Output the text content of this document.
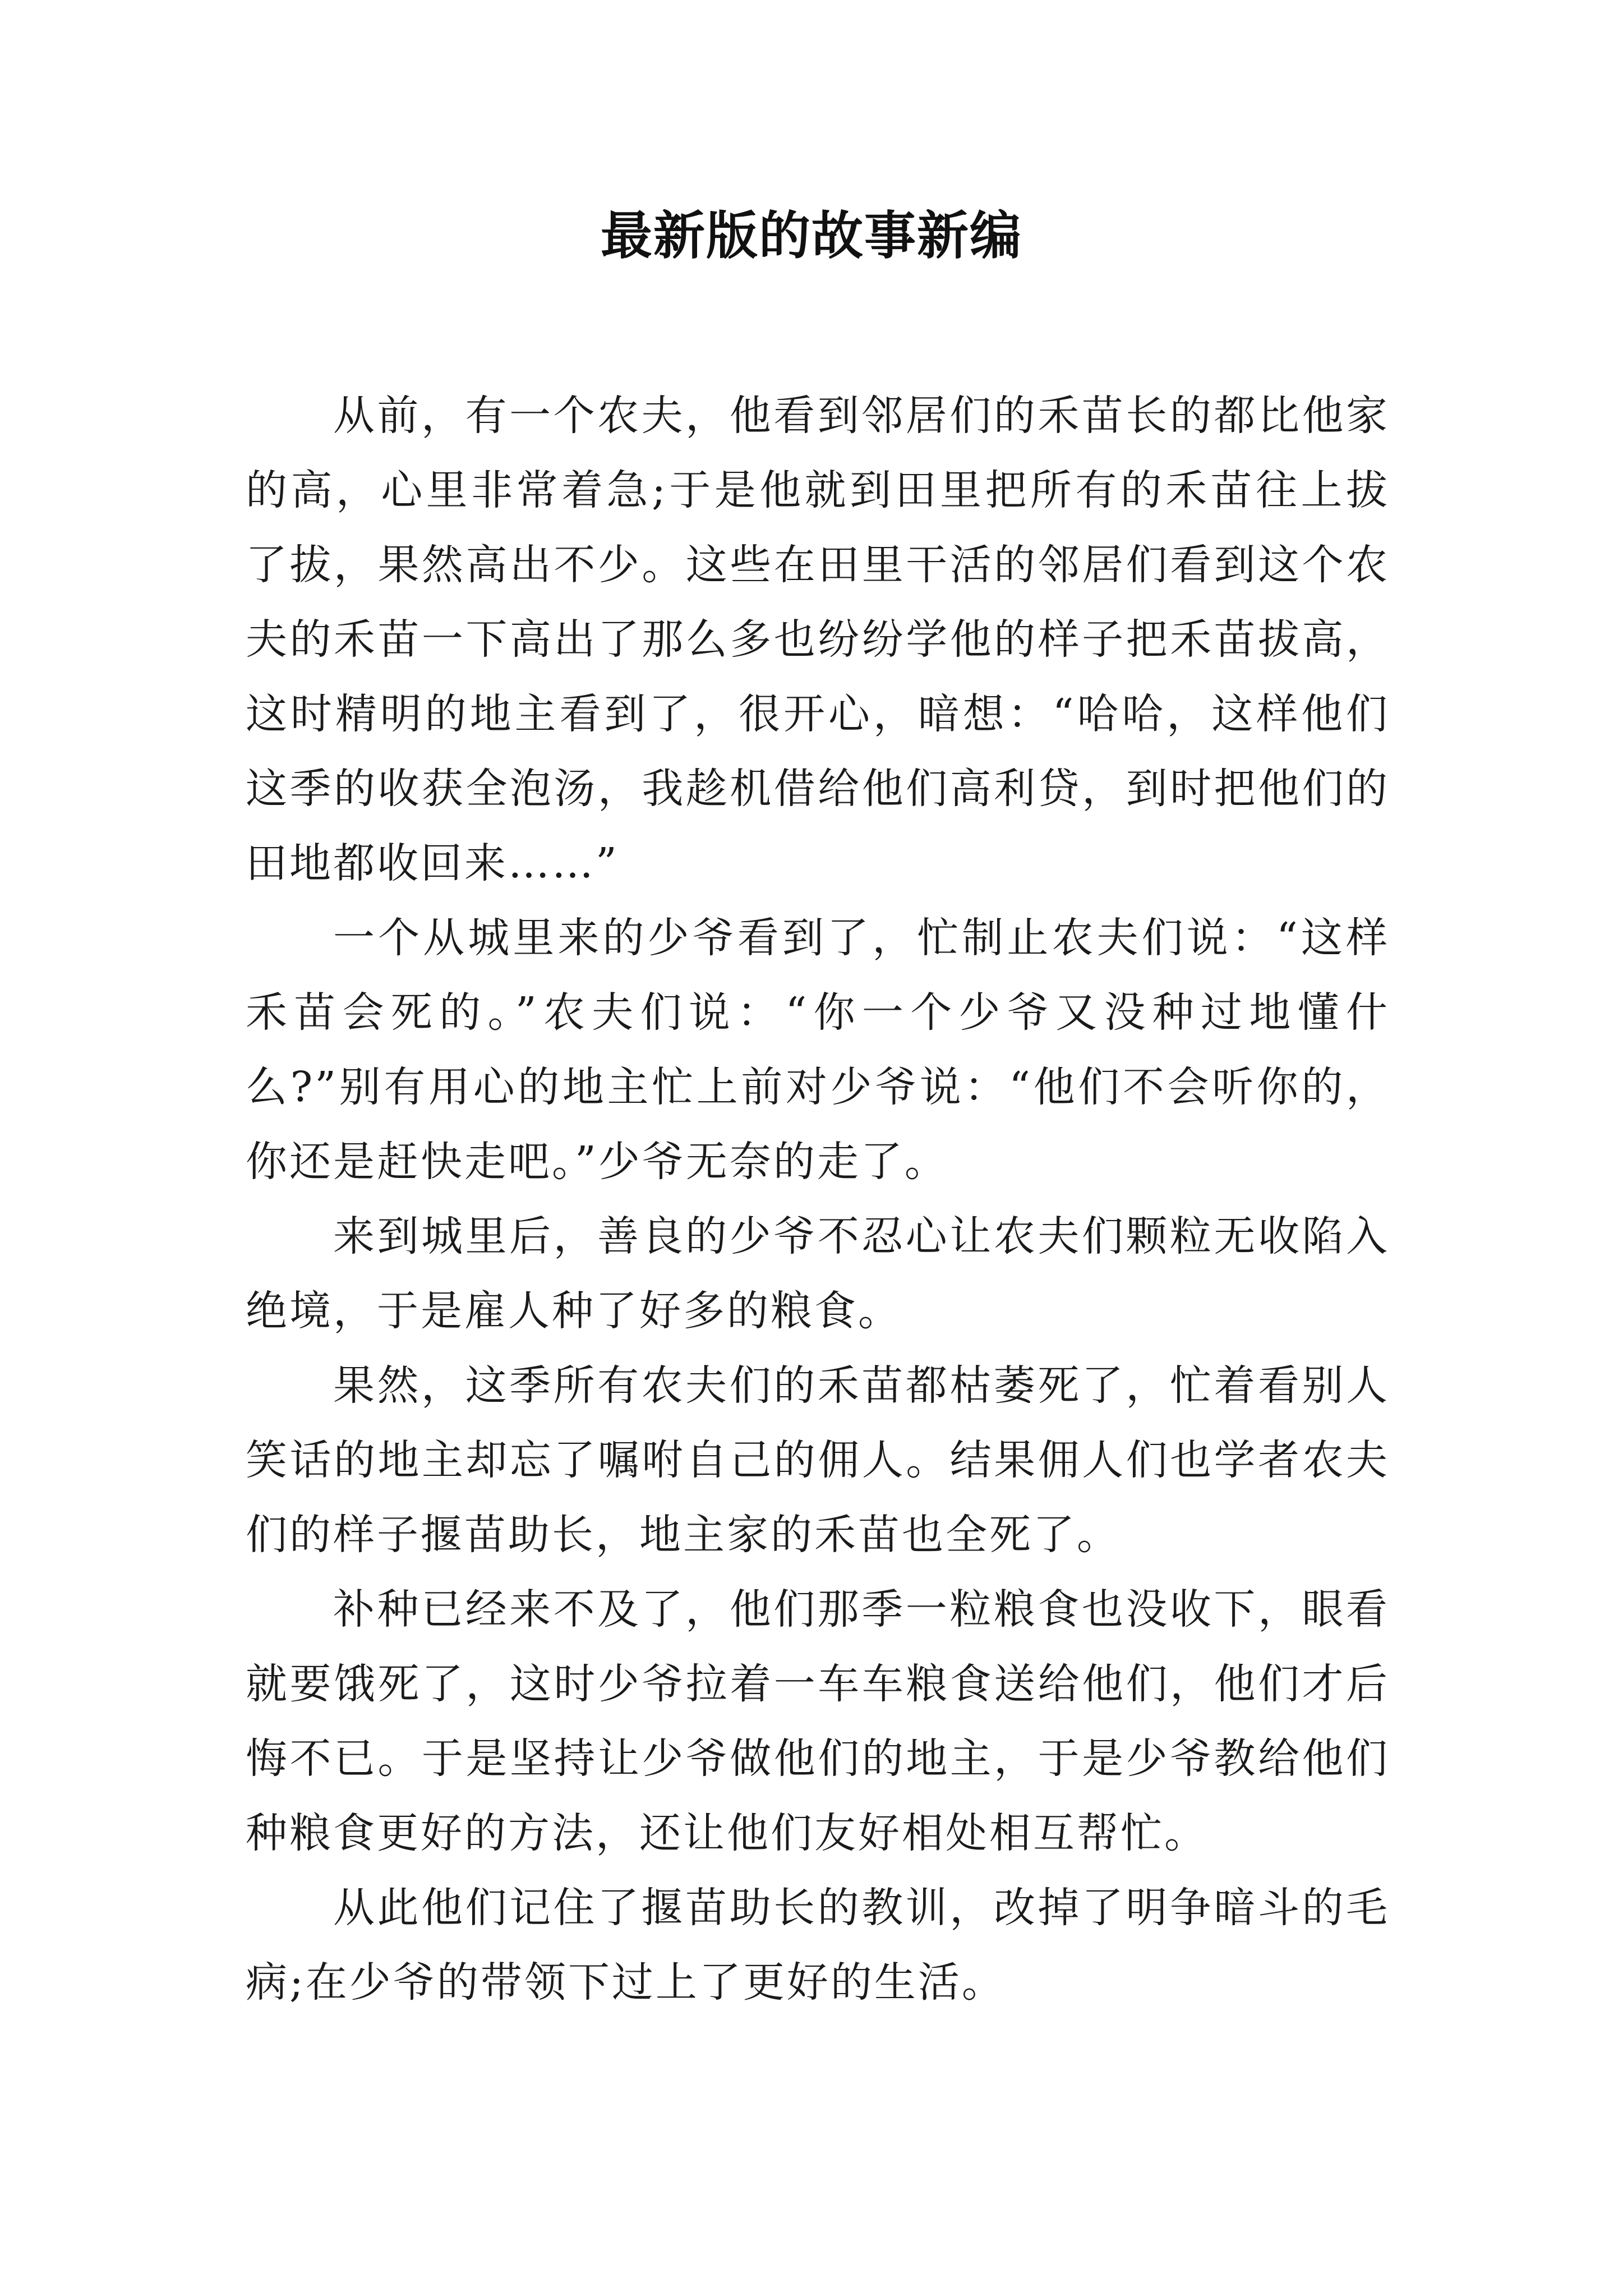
最新版的故事新编

从前，有一个农夫，他看到邻居们的禾苗长的都比他家的高，心里非常着急;于是他就到田里把所有的禾苗往上拔了拔，果然高出不少。这些在田里干活的邻居们看到这个农夫的禾苗一下高出了那么多也纷纷学他的样子把禾苗拔高，这时精明的地主看到了，很开心，暗想：“哈哈，这样他们这季的收获全泡汤，我趁机借给他们高利贷，到时把他们的田地都收回来……”

一个从城里来的少爷看到了，忙制止农夫们说：“这样禾苗会死的。”农夫们说：“你一个少爷又没种过地懂什么?”别有用心的地主忙上前对少爷说：“他们不会听你的，你还是赶快走吧。”少爷无奈的走了。

来到城里后，善良的少爷不忍心让农夫们颗粒无收陷入绝境，于是雇人种了好多的粮食。

果然，这季所有农夫们的禾苗都枯萎死了，忙着看别人笑话的地主却忘了嘱咐自己的佣人。结果佣人们也学者农夫们的样子揠苗助长，地主家的禾苗也全死了。

补种已经来不及了，他们那季一粒粮食也没收下，眼看就要饿死了，这时少爷拉着一车车粮食送给他们，他们才后悔不已。于是坚持让少爷做他们的地主，于是少爷教给他们种粮食更好的方法，还让他们友好相处相互帮忙。

从此他们记住了揠苗助长的教训，改掉了明争暗斗的毛病;在少爷的带领下过上了更好的生活。
